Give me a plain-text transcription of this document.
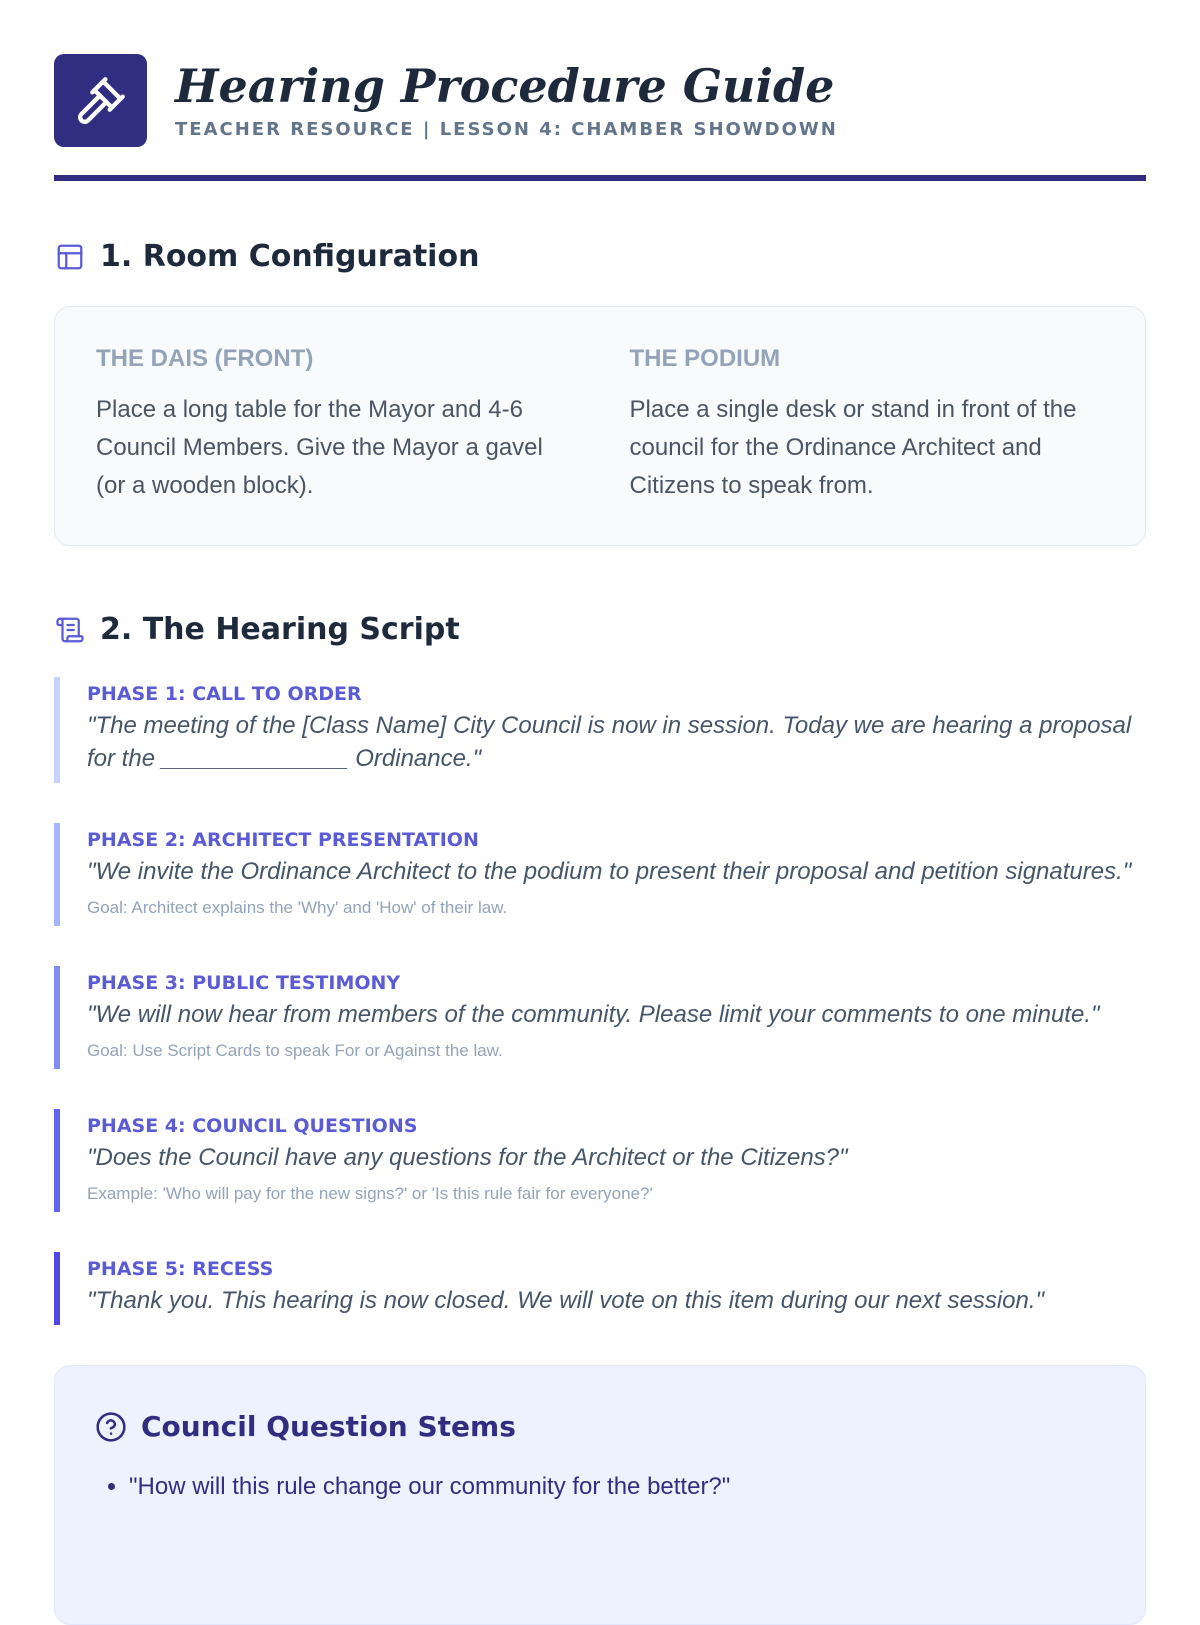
Hearing Procedure Guide
TEACHER RESOURCE | LESSON 4: CHAMBER SHOWDOWN
1. Room Configuration
THE DAIS (FRONT)
Place a long table for the Mayor and 4-6 Council Members. Give the Mayor a gavel (or a wooden block).
THE PODIUM
Place a single desk or stand in front of the council for the Ordinance Architect and Citizens to speak from.
2. The Hearing Script
PHASE 1: CALL TO ORDER
"The meeting of the [Class Name] City Council is now in session. Today we are hearing a proposal for the ______________ Ordinance."
PHASE 2: ARCHITECT PRESENTATION
"We invite the Ordinance Architect to the podium to present their proposal and petition signatures."
Goal: Architect explains the 'Why' and 'How' of their law.
PHASE 3: PUBLIC TESTIMONY
"We will now hear from members of the community. Please limit your comments to one minute."
Goal: Use Script Cards to speak For or Against the law.
PHASE 4: COUNCIL QUESTIONS
"Does the Council have any questions for the Architect or the Citizens?"
Example: 'Who will pay for the new signs?' or 'Is this rule fair for everyone?'
PHASE 5: RECESS
"Thank you. This hearing is now closed. We will vote on this item during our next session."
Council Question Stems
• "How will this rule change our community for the better?"
